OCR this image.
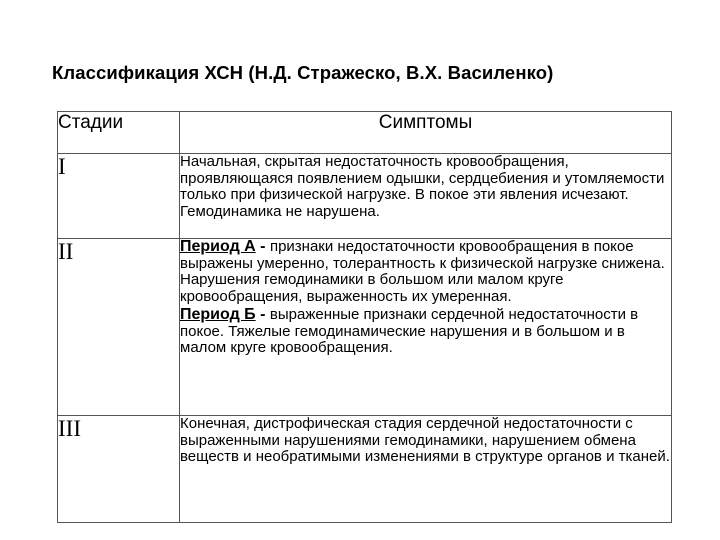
Классификация ХСН (Н.Д. Стражеско, В.Х. Василенко)
Стадии	Симптомы
I	Начальная, скрытая недостаточность кровообращения, проявляющаяся появлением одышки, сердцебиения и утомляемости только при физической нагрузке. В покое эти явления исчезают. Гемодинамика не нарушена.
II	Период А - признаки недостаточности кровообращения в покое выражены умеренно, толерантность к физической нагрузке снижена. Нарушения гемодинамики в большом или малом круге кровообращения, выраженность их умеренная.
Период Б - выраженные признаки сердечной недостаточности в покое. Тяжелые гемодинамические нарушения и в большом и в малом круге кровообращения.

III	Конечная, дистрофическая стадия сердечной недостаточности с выраженными нарушениями гемодинамики, нарушением обмена веществ и необратимыми изменениями в структуре органов и тканей.
